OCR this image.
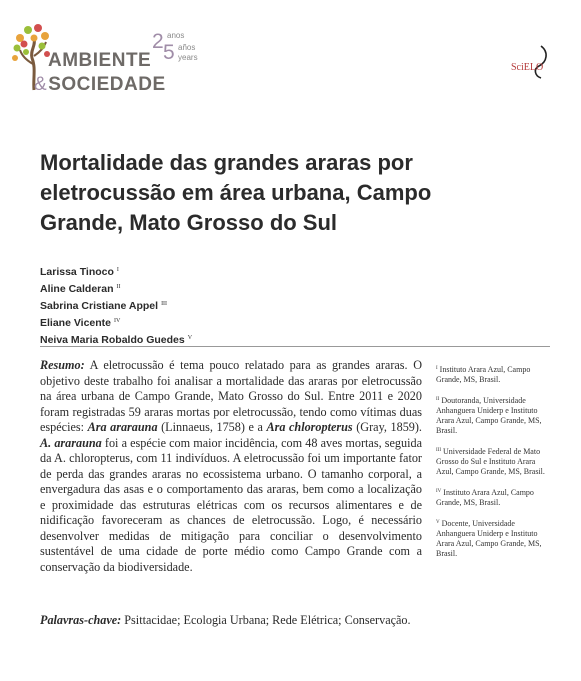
AMBIENTE
&SOCIEDADE
2 5
anos
años
years
SciELO
Mortalidade das grandes araras por eletrocussão em área urbana, Campo Grande, Mato Grosso do Sul
Larissa Tinoco $^I$
Aline Calderan $^{II}$
Sabrina Cristiane Appel $^{III}$
Eliane Vicente $^{IV}$
Neiva Maria Robaldo Guedes $^V$

Resumo: A eletrocussão é tema pouco relatado para as grandes araras. O objetivo deste trabalho foi analisar a mortalidade das araras por eletrocussão na área urbana de Campo Grande, Mato Grosso do Sul. Entre 2011 e 2020 foram registradas 59 araras mortas por eletrocussão, tendo como vítimas duas espécies: Ara ararauna (Linnaeus, 1758) e a Ara chloropterus (Gray, 1859). A. ararauna foi a espécie com maior incidência, com 48 aves mortas, seguida da A. chloropterus, com 11 indivíduos. A eletrocussão foi um importante fator de perda das grandes araras no ecossistema urbano. O tamanho corporal, a envergadura das asas e o comportamento das araras, bem como a localização e proximidade das estruturas elétricas com os recursos alimentares e de nidificação favoreceram as chances de eletrocussão. Logo, é necessário desenvolver medidas de mitigação para conciliar o desenvolvimento sustentável de uma cidade de porte médio como Campo Grande com a conservação da biodiversidade.

Palavras-chave: Psittacidae; Ecologia Urbana; Rede Elétrica; Conservação.

$^I$ Instituto Arara Azul, Campo Grande, MS, Brasil.
$^{II}$ Doutoranda, Universidade Anhanguera Uniderp e Instituto Arara Azul, Campo Grande, MS, Brasil.
$^{III}$ Universidade Federal de Mato Grosso do Sul e Instituto Arara Azul, Campo Grande, MS, Brasil.
$^{IV}$ Instituto Arara Azul, Campo Grande, MS, Brasil.
$^V$ Docente, Universidade Anhanguera Uniderp e Instituto Arara Azul, Campo Grande, MS, Brasil.
